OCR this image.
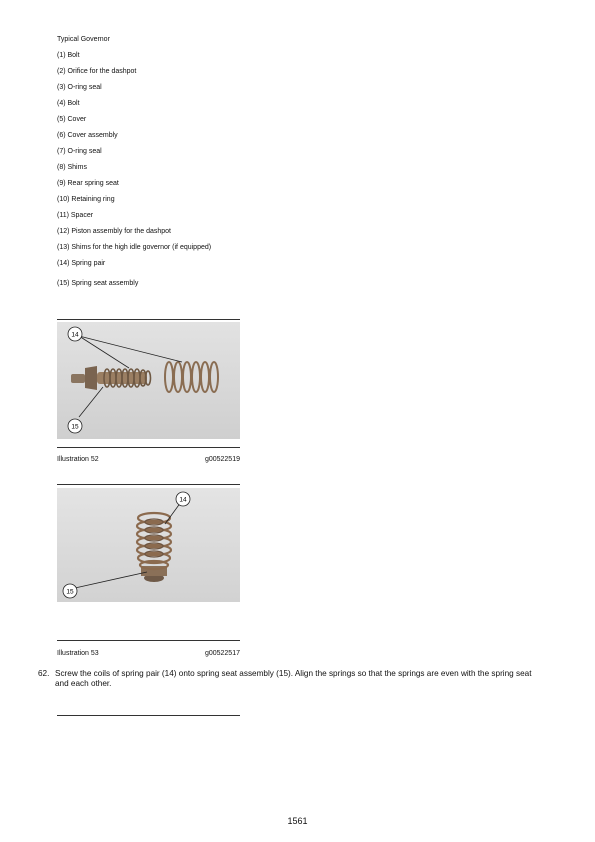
Typical Governor
(1) Bolt
(2) Orifice for the dashpot
(3) O-ring seal
(4) Bolt
(5) Cover
(6) Cover assembly
(7) O-ring seal
(8) Shims
(9) Rear spring seat
(10) Retaining ring
(11) Spacer
(12) Piston assembly for the dashpot
(13) Shims for the high idle governor (if equipped)
(14) Spring pair
(15) Spring seat assembly
14
15
Illustration 52	g00522519
14
15
Illustration 53	g00522517
62. Screw the coils of spring pair (14) onto spring seat assembly (15). Align the springs so that the springs are even with the spring seat and each other.
1561
